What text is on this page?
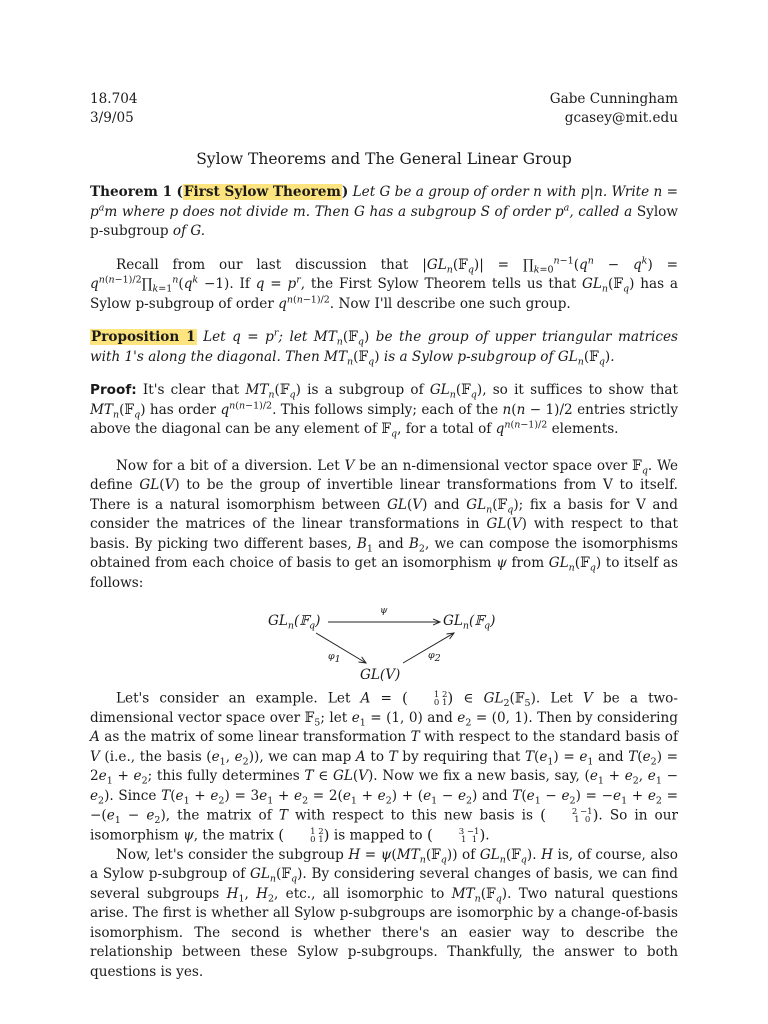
18.704
3/9/05
Gabe Cunningham
gcasey@mit.edu
Sylow Theorems and The General Linear Group

Theorem 1 (First Sylow Theorem) Let G be a group of order n with p|n. Write $n = p^am$ where p does not divide m. Then G has a subgroup S of order $p^a$, called a Sylow p-subgroup of G.

Recall from our last discussion that $|GL_n(𝔽_q)|$ = $\prod_{k=0}^{n-1}(q^n - q^k)$ = $q^{n(n-1)/2}\prod_{k=1}^n(q^k -1)$. If $q = p^r$, the First Sylow Theorem tells us that $GL_n(𝔽_q)$ has a Sylow p-subgroup of order $q^{n(n-1)/2}$. Now I'll describe one such group.

Proposition 1 Let $q = p^r$; let $MT_n(𝔽_q)$ be the group of upper triangular matrices with 1's along the diagonal. Then $MT_n(𝔽_q)$ is a Sylow p-subgroup of $GL_n(𝔽_q)$.

Proof: It's clear that $MT_n(𝔽_q)$ is a subgroup of $GL_n(𝔽_q)$, so it suffices to show that $MT_n(𝔽_q)$ has order $q^{n(n-1)/2}$. This follows simply; each of the n(n − 1)/2 entries strictly above the diagonal can be any element of 𝔽$_q$, for a total of $q^{n(n-1)/2}$ elements.

Now for a bit of a diversion. Let V be an n-dimensional vector space over 𝔽$_q$. We define GL(V) to be the group of invertible linear transformations from V to itself. There is a natural isomorphism between GL(V) and $GL_n(𝔽_q)$; fix a basis for V and consider the matrices of the linear transformations in GL(V) with respect to that basis. By picking two different bases, $B_1$ and $B_2$, we can compose the isomorphisms obtained from each choice of basis to get an isomorphism ψ from $GL_n(𝔽_q)$ to itself as follows:

$GL_n(𝔽_q)$	$GL_n(𝔽_q)$
GL(V)
ψ
$\varphi_1$	$\varphi_2$

Let's consider an example. Let A = (	1 2
0 1 ) ∈ $GL_2(𝔽_5)$. Let V be a two-dimensional vector space over 𝔽$_5$; let $e_1 = (1$, 0) and $e_2 = (0$, 1). Then by considering A as the matrix of some linear transformation T with respect to the standard basis of V (i.e., the basis ($e_1$, $e_2$)), we can map A to T by requiring that $T(e_1) = e_1$ and $T(e_2) = 2e_1 + e_2$; this fully determines T ∈ GL(V). Now we fix a new basis, say, ($e_1 + e_2$, $e_1 - e_2$). Since $T(e_1 + e_2) = 3e_1 + e_2 = 2(e_1 + e_2) + (e_1 - e_2)$ and $T(e_1 - e_2) = -e_1 + e_2 = -(e_1 - e_2)$, the matrix of T with respect to this new basis is (	2 −1
1  0 ). So in our isomorphism ψ, the matrix (	1 2
0 1 ) is mapped to (	3 −1
1  1 ).

Now, let's consider the subgroup $H = \psi(MT_n(𝔽_q))$ of $GL_n(𝔽_q)$. H is, of course, also a Sylow p-subgroup of $GL_n(𝔽_q)$. By considering several changes of basis, we can find several subgroups $H_1$, $H_2$, etc., all isomorphic to $MT_n(𝔽_q)$. Two natural questions arise. The first is whether all Sylow p-subgroups are isomorphic by a change-of-basis isomorphism. The second is whether there's an easier way to describe the relationship between these Sylow p-subgroups. Thankfully, the answer to both questions is yes.
